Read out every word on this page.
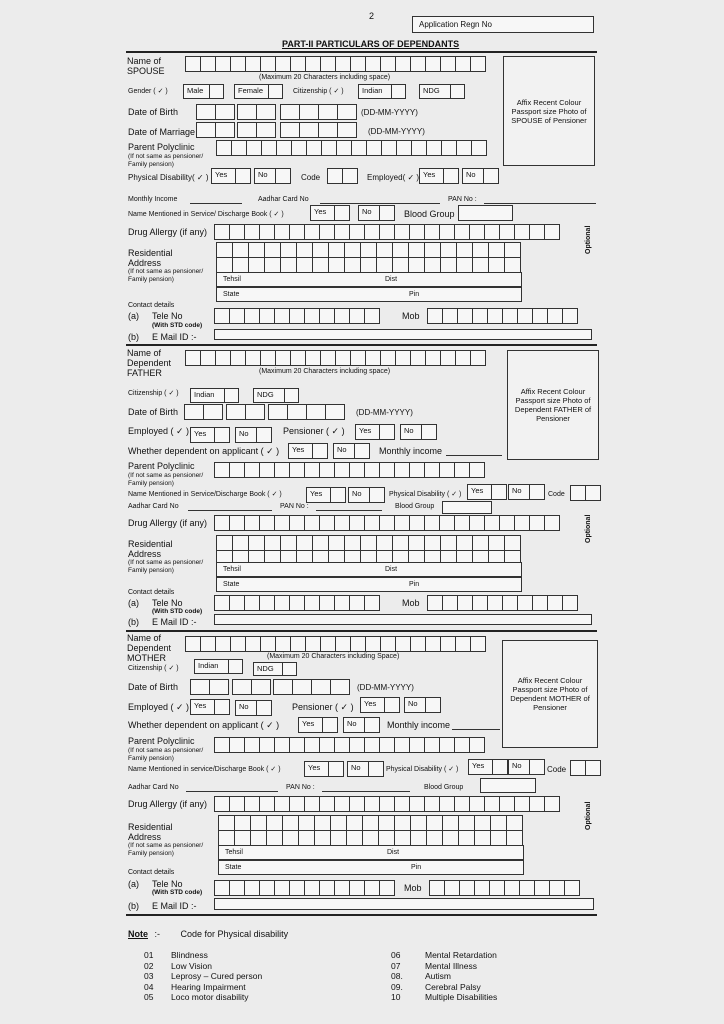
2
Application Regn No
PART-II PARTICULARS OF DEPENDANTS
Name of SPOUSE
(Maximum 20 Characters including space)
Affix Recent Colour Passport size Photo of SPOUSE of Pensioner
Gender ( ✓ )	Male	Female	Citizenship ( ✓ )	Indian	NDG
Date of Birth	(DD-MM-YYYY)
Date of Marriage	(DD-MM-YYYY)
Parent Polyclinic
(If not same as pensioner/ Family pension)
Physical Disability( ✓ ) Yes	No	Code	Employed( ✓ ) Yes	No
Monthly Income	Aadhar Card No	PAN No :
Name Mentioned in Service/ Discharge Book ( ✓ )	Yes	No	Blood Group
Drug Allergy (if any)	Optional
Residential Address
(If not same as pensioner/ Family pension)	Tehsil	Dist
State	Pin
Contact details
(a) Tele No
(With STD code)
Mob
(b) E Mail ID :-
Name of Dependent FATHER	(Maximum 20 Characters including space)
Affix Recent Colour Passport size Photo of Dependent FATHER of Pensioner
Citizenship ( ✓ )	Indian	NDG
Date of Birth	(DD-MM-YYYY)
Employed ( ✓ ) Yes	No	Pensioner ( ✓ )	Yes	No
Whether dependent on applicant ( ✓ )	Yes	No	Monthly income
Parent Polyclinic
(If not same as pensioner/ Family pension)
Name Mentioned in Service/Discharge Book ( ✓ )	Yes	No	Physical Disability ( ✓ )	Yes	No	Code
Aadhar Card No	PAN No :	Blood Group
Drug Allergy (if any)	Optional
Residential Address
(If not same as pensioner/ Family pension)	Tehsil	Dist
State	Pin
Contact details
(a) Tele No
(With STD code)
Mob
(b) E Mail ID :-
Name of Dependent MOTHER	(Maximum 20 Characters including Space)
Affix Recent Colour Passport size Photo of Dependent MOTHER of Pensioner
Citizenship ( ✓ )	Indian	NDG
Date of Birth	(DD-MM-YYYY)
Employed ( ✓ ) Yes	No	Pensioner ( ✓ )	Yes	No
Whether dependent on applicant ( ✓ )	Yes	No	Monthly income
Parent Polyclinic
(If not same as pensioner/ Family pension)
Name Mentioned in service/Discharge Book ( ✓ )	Yes	No	Physical Disability ( ✓ )	Yes	No	Code
Aadhar Card No	PAN No :	Blood Group
Drug Allergy (if any)	Optional
Residential Address
(If not same as pensioner/ Family pension)	Tehsil	Dist
State	Pin
Contact details
(a) Tele No
(With STD code)	Mob
(b) E Mail ID :-
Note :- Code for Physical disability
01 Blindness
02 Low Vision
03 Leprosy – Cured person
04 Hearing Impairment
05 Loco motor disability
06	Mental Retardation
07	Mental Illness
08.	Autism
09.	Cerebral Palsy
10	Multiple Disabilities
